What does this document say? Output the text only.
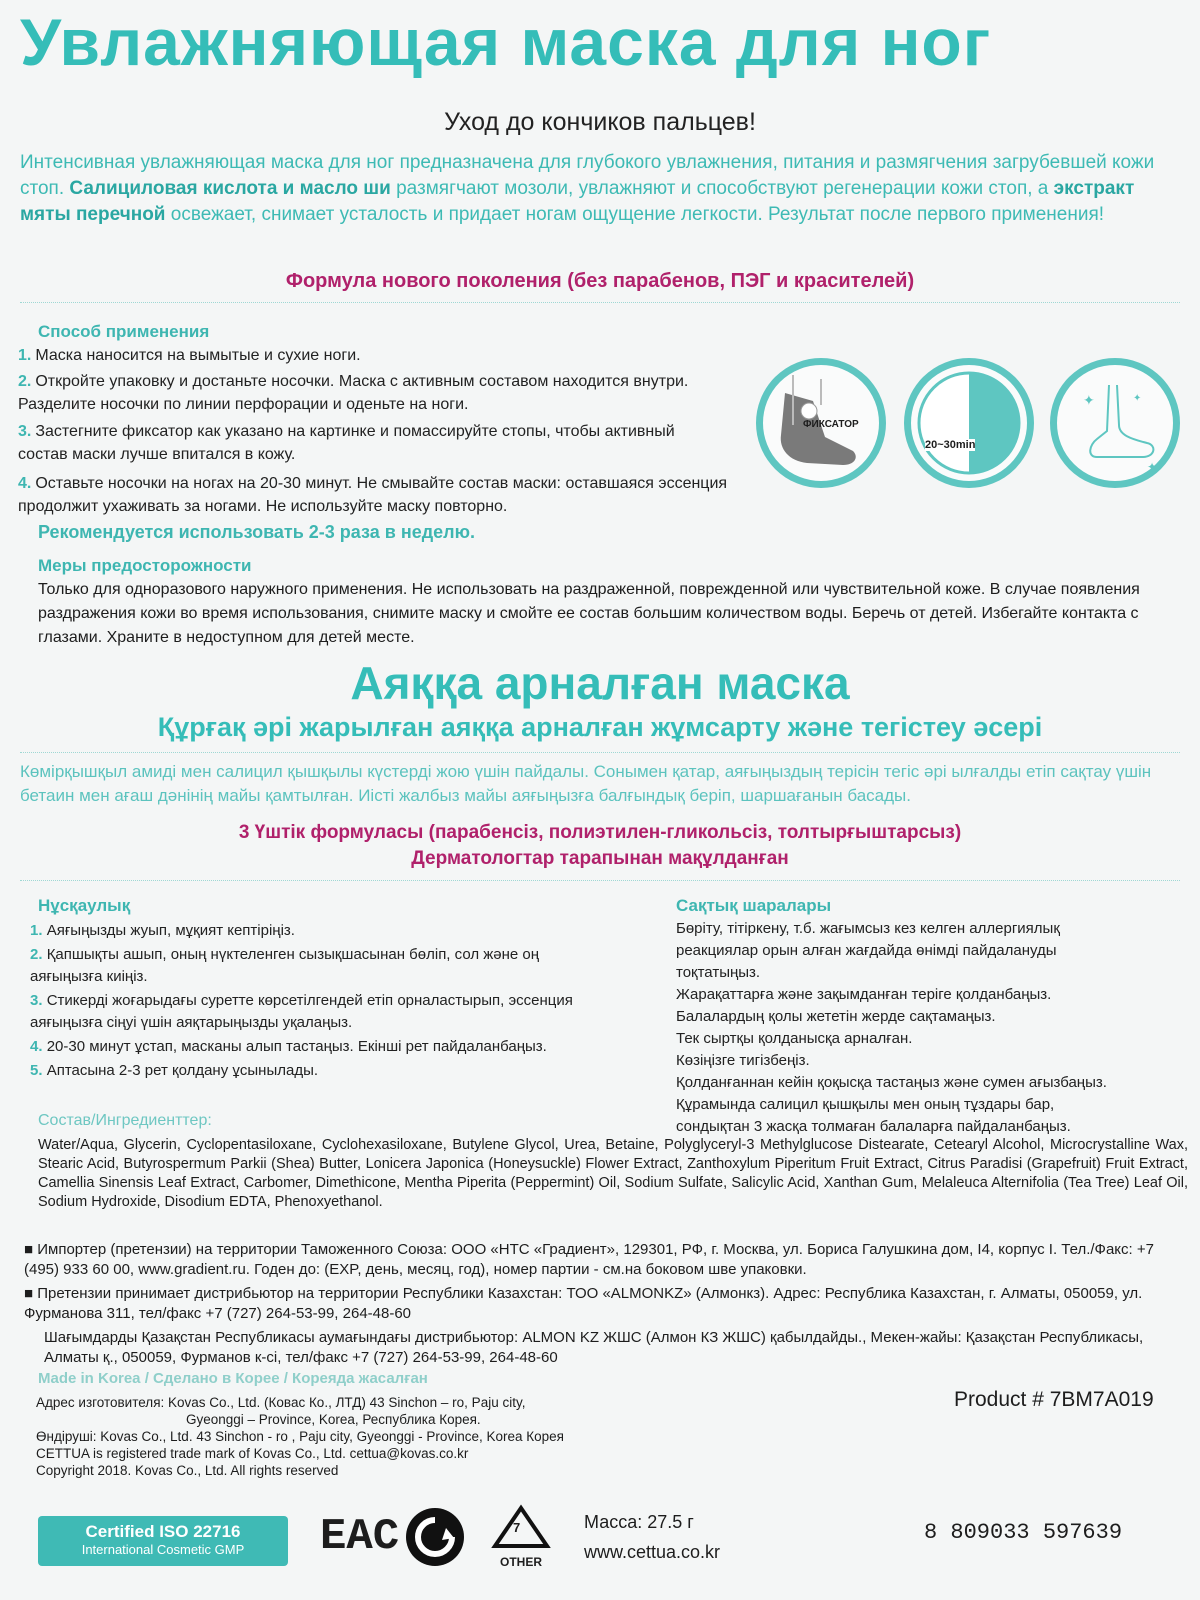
Увлажняющая маска для ног
Уход до кончиков пальцев!
Интенсивная увлажняющая маска для ног предназначена для глубокого увлажнения, питания и размягчения загрубевшей кожи стоп. Салициловая кислота и масло ши размягчают мозоли, увлажняют и способствуют регенерации кожи стоп, а экстракт мяты перечной освежает, снимает усталость и придает ногам ощущение легкости. Результат после первого применения!
Формула нового поколения (без парабенов, ПЭГ и красителей)
Способ применения
1. Маска наносится на вымытые и сухие ноги.
2. Откройте упаковку и достаньте носочки. Маска с активным составом находится внутри. Разделите носочки по линии перфорации и оденьте на ноги.
3. Застегните фиксатор как указано на картинке и помассируйте стопы, чтобы активный состав маски лучше впитался в кожу.
4. Оставьте носочки на ногах на 20-30 минут. Не смывайте состав маски: оставшаяся эссенция продолжит ухаживать за ногами. Не используйте маску повторно.
Рекомендуется использовать 2-3 раза в неделю.
ФИКСАТОР
20~30min
✦	✦
✦
Меры предосторожности
Только для одноразового наружного применения. Не использовать на раздраженной, поврежденной или чувствительной коже. В случае появления раздражения кожи во время использования, снимите маску и смойте ее состав большим количеством воды. Беречь от детей. Избегайте контакта с глазами. Храните в недоступном для детей месте.
Аяққа арналған маска
Құрғақ әрі жарылған аяққа арналған жұмсарту және тегістеу әсері
Көмірқышқыл амиді мен салицил қышқылы күстерді жою үшін пайдалы. Сонымен қатар, аяғыңыздың терісін тегіс әрі ылғалды етіп сақтау үшін бетаин мен ағаш дәнінің майы қамтылған. Иісті жалбыз майы аяғыңызға балғындық беріп, шаршағанын басады.
3 Үштік формуласы (парабенсіз, полиэтилен-гликольсіз, толтырғыштарсыз)
Дерматологтар тарапынан мақұлданған
Нұсқаулық
1. Аяғыңызды жуып, мұқият кептіріңіз.
2. Қапшықты ашып, оның нүктеленген сызықшасынан бөліп, сол және оң аяғыңызға киіңіз.
3. Стикерді жоғарыдағы суретте көрсетілгендей етіп орналастырып, эссенция аяғыңызға сіңуі үшін аяқтарыңызды уқалаңыз.
4. 20-30 минут ұстап, масканы алып тастаңыз. Екінші рет пайдаланбаңыз.
5. Аптасына 2-3 рет қолдану ұсынылады.
Сақтық шаралары
Бөріту, тітіркену, т.б. жағымсыз кез келген аллергиялық реакциялар орын алған жағдайда өнімді пайдалануды тоқтатыңыз.
Жарақаттарға және зақымданған теріге қолданбаңыз.
Балалардың қолы жететін жерде сақтамаңыз.
Тек сыртқы қолданысқа арналған.
Көзіңізге тигізбеңіз.
Қолданғаннан кейін қоқысқа тастаңыз және сумен ағызбаңыз.
Құрамында салицил қышқылы мен оның тұздары бар, сондықтан 3 жасқа толмаған балаларға пайдаланбаңыз.
Состав/Ингредиенттер:
Water/Aqua, Glycerin, Cyclopentasiloxane, Cyclohexasiloxane, Butylene Glycol, Urea, Betaine, Polyglyceryl-3 Methylglucose Distearate, Cetearyl Alcohol, Microcrystalline Wax, Stearic Acid, Butyrospermum Parkii (Shea) Butter, Lonicera Japonica (Honeysuckle) Flower Extract, Zanthoxylum Piperitum Fruit Extract, Citrus Paradisi (Grapefruit) Fruit Extract, Camellia Sinensis Leaf Extract, Carbomer, Dimethicone, Mentha Piperita (Peppermint) Oil, Sodium Sulfate, Salicylic Acid, Xanthan Gum, Melaleuca Alternifolia (Tea Tree) Leaf Oil, Sodium Hydroxide, Disodium EDTA, Phenoxyethanol.
■ Импортер (претензии) на территории Таможенного Союза: ООО «НТС «Градиент», 129301, РФ, г. Москва, ул. Бориса Галушкина дом, I4, корпус I. Тел./Факс: +7 (495) 933 60 00, www.gradient.ru. Годен до: (EXP, день, месяц, год), номер партии - см.на боковом шве упаковки.
■ Претензии принимает дистрибьютор на территории Республики Казахстан: ТОО «ALMONKZ» (Алмонкз). Адрес: Республика Казахстан, г. Алматы, 050059, ул. Фурманова 311, тел/факс +7 (727) 264-53-99, 264-48-60
Шағымдарды Қазақстан Республикасы аумағындағы дистрибьютор: ALMON KZ ЖШС (Алмон КЗ ЖШС) қабылдайды., Мекен-жайы: Қазақстан Республикасы, Алматы қ., 050059, Фурманов к-сі, тел/факс +7 (727) 264-53-99, 264-48-60
Made in Korea / Сделано в Корее / Кореяда жасалған
Адрес изготовителя: Kovas Co., Ltd. (Ковас Ко., ЛТД) 43 Sinchon – ro, Paju city,
Gyeonggi – Province, Korea, Республика Корея.
Өндіруші: Kovas Co., Ltd. 43 Sinchon - ro , Paju city, Gyeonggi - Province, Korea Корея
CETTUA is registered trade mark of Kovas Co., Ltd. cettua@kovas.co.kr
Copyright 2018. Kovas Co., Ltd. All rights reserved
Product # 7BM7A019
Certified ISO 22716
International Cosmetic GMP	EAC	7
OTHER
Масса: 27.5 г
www.cettua.co.kr
8 809033 597639
